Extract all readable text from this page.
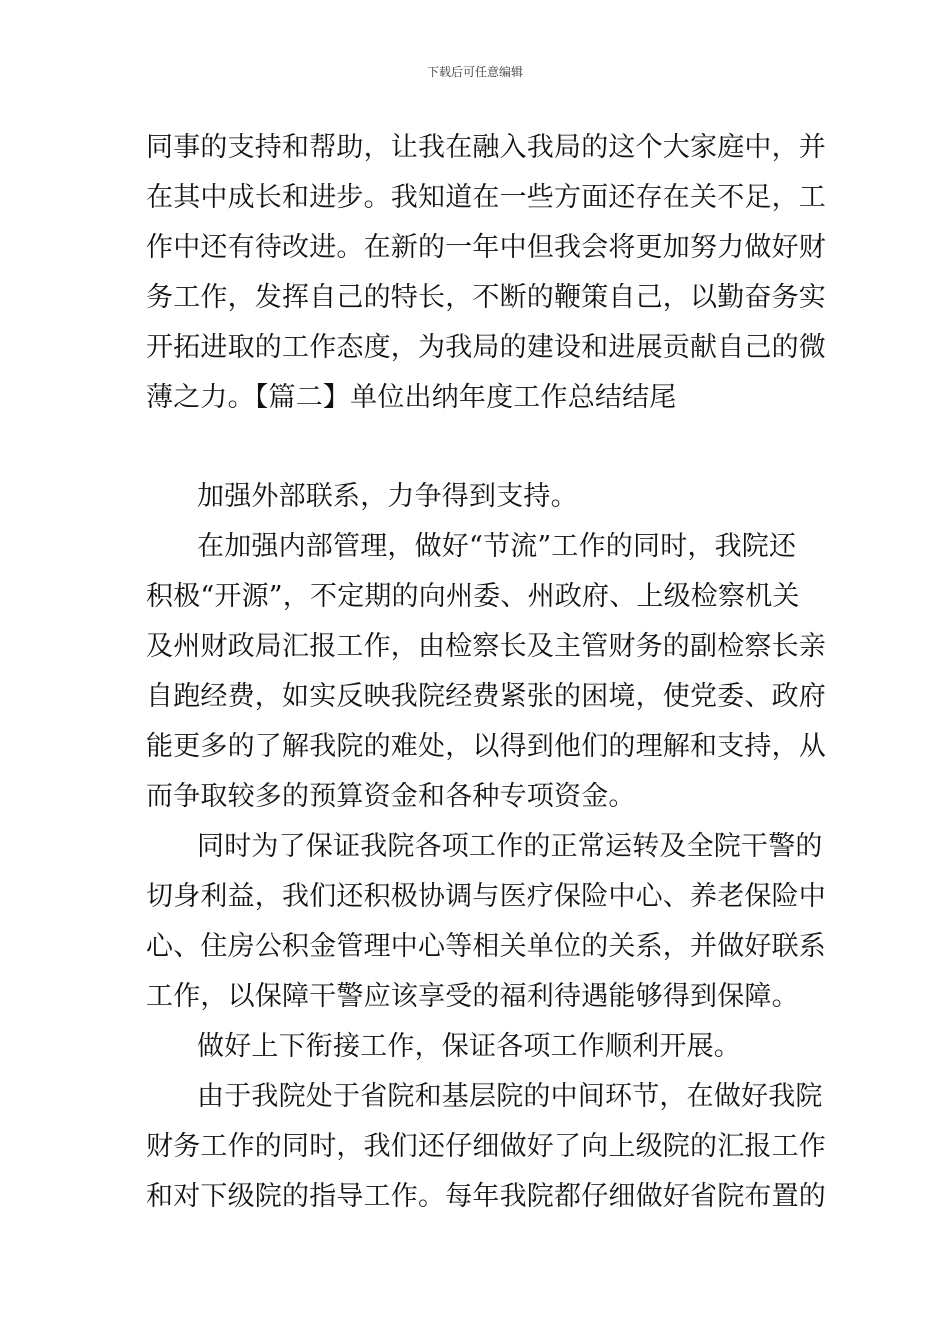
下载后可任意编辑
同事的支持和帮助，让我在融入我局的这个大家庭中，并
在其中成长和进步。我知道在一些方面还存在关不足，工
作中还有待改进。在新的一年中但我会将更加努力做好财
务工作，发挥自己的特长，不断的鞭策自己，以勤奋务实
开拓进取的工作态度，为我局的建设和进展贡献自己的微
薄之力。【篇二】单位出纳年度工作总结结尾
加强外部联系，力争得到支持。
在加强内部管理，做好“节流”工作的同时，我院还
积极“开源”，不定期的向州委、州政府、上级检察机关
及州财政局汇报工作，由检察长及主管财务的副检察长亲
自跑经费，如实反映我院经费紧张的困境，使党委、政府
能更多的了解我院的难处，以得到他们的理解和支持，从
而争取较多的预算资金和各种专项资金。
同时为了保证我院各项工作的正常运转及全院干警的
切身利益，我们还积极协调与医疗保险中心、养老保险中
心、住房公积金管理中心等相关单位的关系，并做好联系
工作，以保障干警应该享受的福利待遇能够得到保障。
做好上下衔接工作，保证各项工作顺利开展。
由于我院处于省院和基层院的中间环节，在做好我院
财务工作的同时，我们还仔细做好了向上级院的汇报工作
和对下级院的指导工作。每年我院都仔细做好省院布置的
